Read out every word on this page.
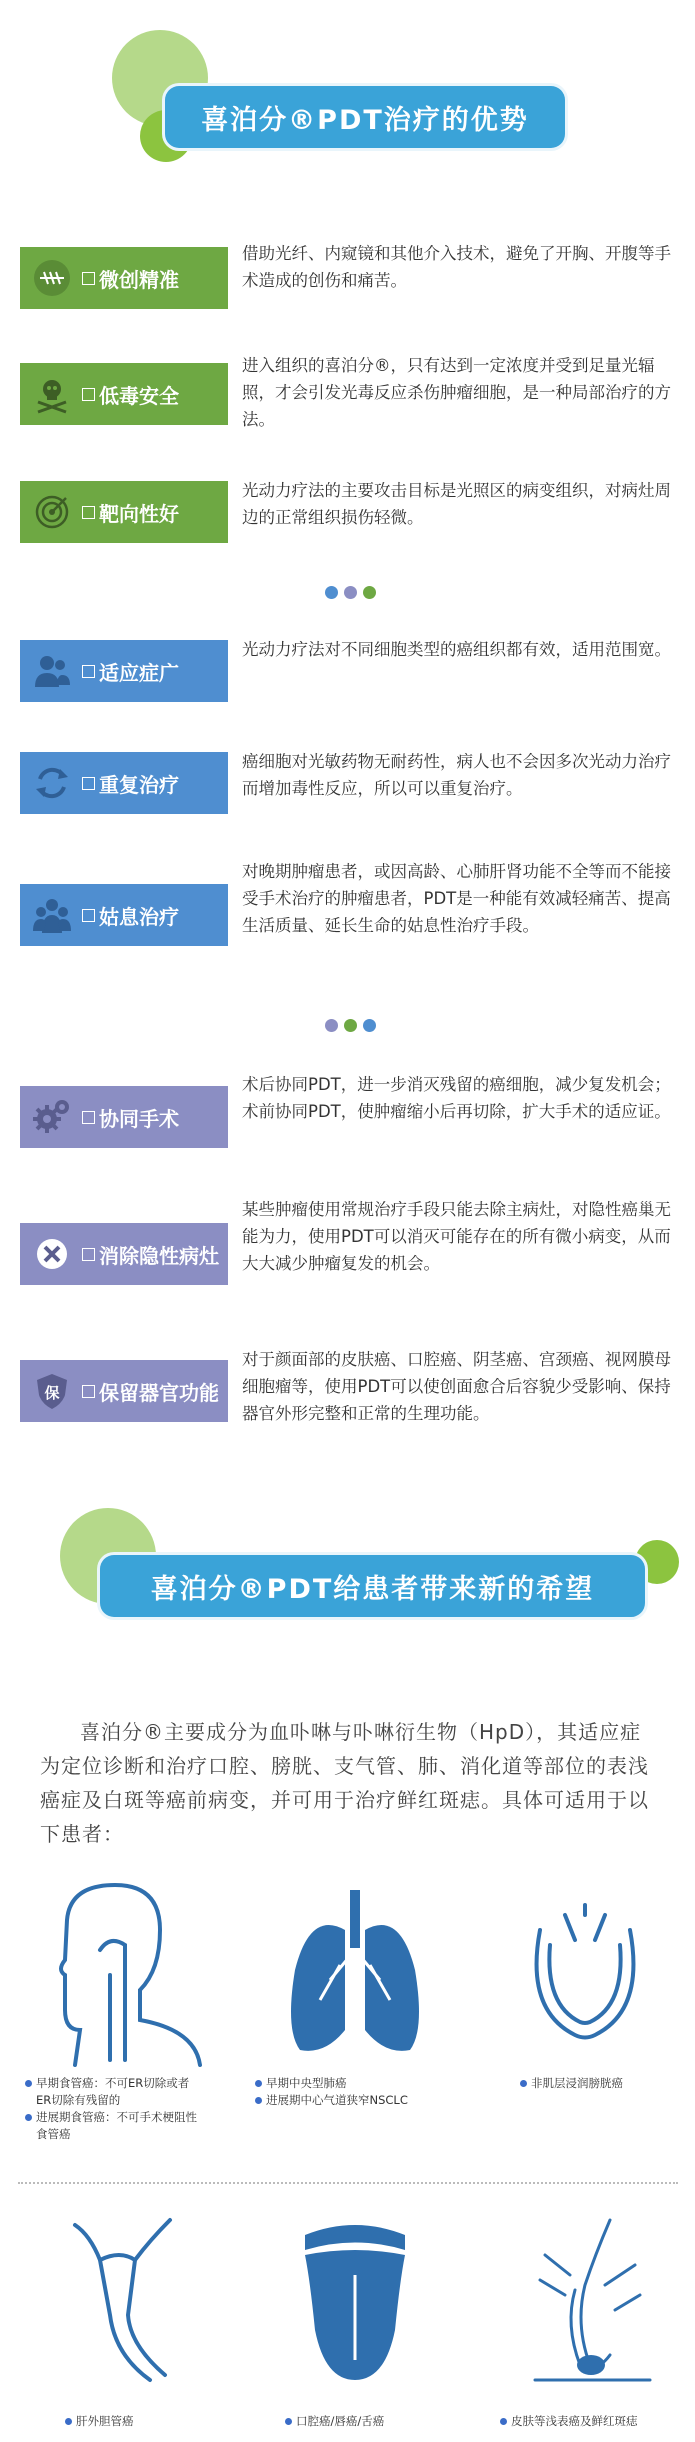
喜泊分®PDT治疗的优势
微创精准
借助光纤、内窥镜和其他介入技术，避免了开胸、开腹等手术造成的创伤和痛苦。
低毒安全
进入组织的喜泊分®，只有达到一定浓度并受到足量光辐照，才会引发光毒反应杀伤肿瘤细胞，是一种局部治疗的方法。
靶向性好
光动力疗法的主要攻击目标是光照区的病变组织，对病灶周边的正常组织损伤轻微。
适应症广
光动力疗法对不同细胞类型的癌组织都有效，适用范围宽。
重复治疗
癌细胞对光敏药物无耐药性，病人也不会因多次光动力治疗而增加毒性反应，所以可以重复治疗。
姑息治疗
对晚期肿瘤患者，或因高龄、心肺肝肾功能不全等而不能接受手术治疗的肿瘤患者，PDT是一种能有效减轻痛苦、提高生活质量、延长生命的姑息性治疗手段。
协同手术
术后协同PDT，进一步消灭残留的癌细胞，减少复发机会；术前协同PDT，使肿瘤缩小后再切除，扩大手术的适应证。
消除隐性病灶
某些肿瘤使用常规治疗手段只能去除主病灶，对隐性癌巢无能为力，使用PDT可以消灭可能存在的所有微小病变，从而大大减少肿瘤复发的机会。
保 保留器官功能
对于颜面部的皮肤癌、口腔癌、阴茎癌、宫颈癌、视网膜母细胞瘤等，使用PDT可以使创面愈合后容貌少受影响、保持器官外形完整和正常的生理功能。
喜泊分®PDT给患者带来新的希望
喜泊分®主要成分为血卟啉与卟啉衍生物（HpD），其适应症为定位诊断和治疗口腔、膀胱、支气管、肺、消化道等部位的表浅癌症及白斑等癌前病变，并可用于治疗鲜红斑痣。具体可适用于以下患者：
早期食管癌：不可ER切除或者ER切除有残留的
进展期食管癌：不可手术梗阻性食管癌
早期中央型肺癌
进展期中心气道狭窄NSCLC
非肌层浸润膀胱癌
肝外胆管癌	口腔癌/唇癌/舌癌	皮肤等浅表癌及鲜红斑痣
